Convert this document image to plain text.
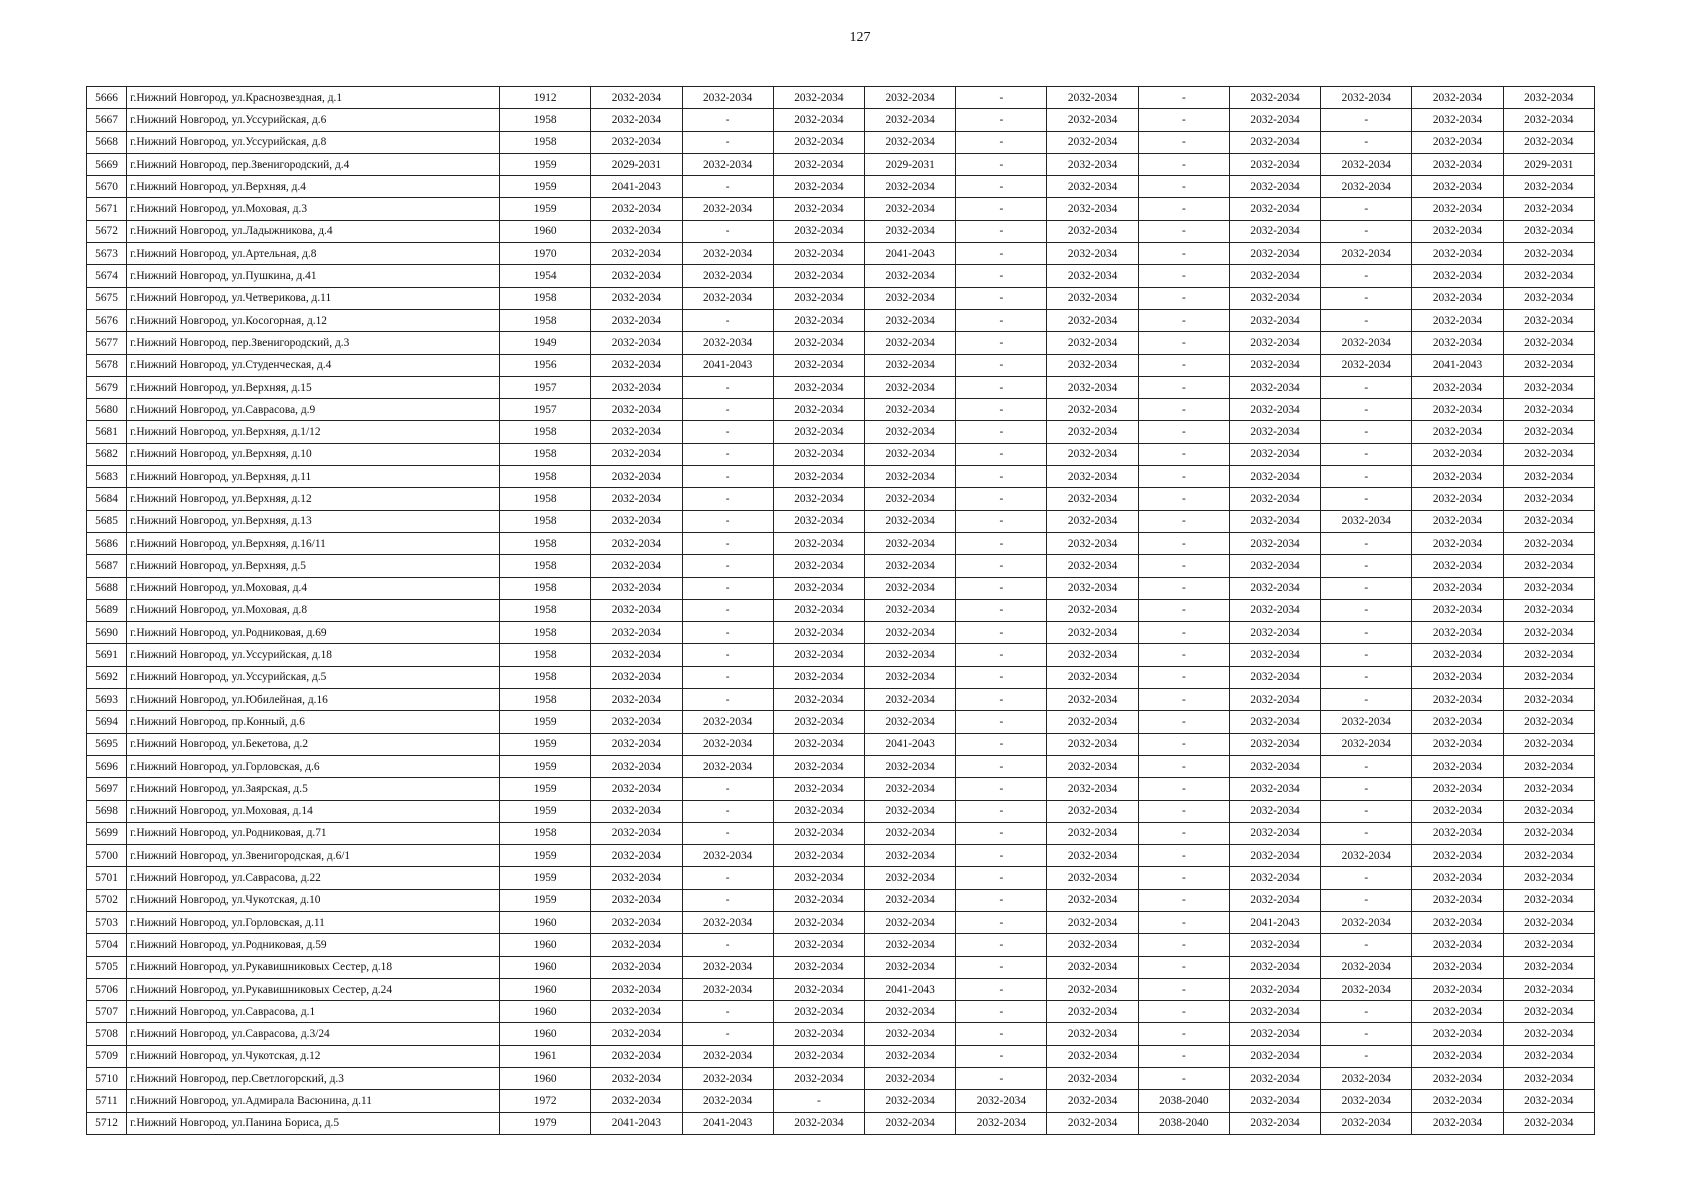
127
5666	г.Нижний Новгород, ул.Краснозвездная, д.1	1912	2032-2034	2032-2034	2032-2034	2032-2034	-	2032-2034	-	2032-2034	2032-2034	2032-2034	2032-2034
5667	г.Нижний Новгород, ул.Уссурийская, д.6	1958	2032-2034	-	2032-2034	2032-2034	-	2032-2034	-	2032-2034	-	2032-2034	2032-2034
5668	г.Нижний Новгород, ул.Уссурийская, д.8	1958	2032-2034	-	2032-2034	2032-2034	-	2032-2034	-	2032-2034	-	2032-2034	2032-2034
5669	г.Нижний Новгород, пер.Звенигородский, д.4	1959	2029-2031	2032-2034	2032-2034	2029-2031	-	2032-2034	-	2032-2034	2032-2034	2032-2034	2029-2031
5670	г.Нижний Новгород, ул.Верхняя, д.4	1959	2041-2043	-	2032-2034	2032-2034	-	2032-2034	-	2032-2034	2032-2034	2032-2034	2032-2034
5671	г.Нижний Новгород, ул.Моховая, д.3	1959	2032-2034	2032-2034	2032-2034	2032-2034	-	2032-2034	-	2032-2034	-	2032-2034	2032-2034
5672	г.Нижний Новгород, ул.Ладыжникова, д.4	1960	2032-2034	-	2032-2034	2032-2034	-	2032-2034	-	2032-2034	-	2032-2034	2032-2034
5673	г.Нижний Новгород, ул.Артельная, д.8	1970	2032-2034	2032-2034	2032-2034	2041-2043	-	2032-2034	-	2032-2034	2032-2034	2032-2034	2032-2034
5674	г.Нижний Новгород, ул.Пушкина, д.41	1954	2032-2034	2032-2034	2032-2034	2032-2034	-	2032-2034	-	2032-2034	-	2032-2034	2032-2034
5675	г.Нижний Новгород, ул.Четверикова, д.11	1958	2032-2034	2032-2034	2032-2034	2032-2034	-	2032-2034	-	2032-2034	-	2032-2034	2032-2034
5676	г.Нижний Новгород, ул.Косогорная, д.12	1958	2032-2034	-	2032-2034	2032-2034	-	2032-2034	-	2032-2034	-	2032-2034	2032-2034
5677	г.Нижний Новгород, пер.Звенигородский, д.3	1949	2032-2034	2032-2034	2032-2034	2032-2034	-	2032-2034	-	2032-2034	2032-2034	2032-2034	2032-2034
5678	г.Нижний Новгород, ул.Студенческая, д.4	1956	2032-2034	2041-2043	2032-2034	2032-2034	-	2032-2034	-	2032-2034	2032-2034	2041-2043	2032-2034
5679	г.Нижний Новгород, ул.Верхняя, д.15	1957	2032-2034	-	2032-2034	2032-2034	-	2032-2034	-	2032-2034	-	2032-2034	2032-2034
5680	г.Нижний Новгород, ул.Саврасова, д.9	1957	2032-2034	-	2032-2034	2032-2034	-	2032-2034	-	2032-2034	-	2032-2034	2032-2034
5681	г.Нижний Новгород, ул.Верхняя, д.1/12	1958	2032-2034	-	2032-2034	2032-2034	-	2032-2034	-	2032-2034	-	2032-2034	2032-2034
5682	г.Нижний Новгород, ул.Верхняя, д.10	1958	2032-2034	-	2032-2034	2032-2034	-	2032-2034	-	2032-2034	-	2032-2034	2032-2034
5683	г.Нижний Новгород, ул.Верхняя, д.11	1958	2032-2034	-	2032-2034	2032-2034	-	2032-2034	-	2032-2034	-	2032-2034	2032-2034
5684	г.Нижний Новгород, ул.Верхняя, д.12	1958	2032-2034	-	2032-2034	2032-2034	-	2032-2034	-	2032-2034	-	2032-2034	2032-2034
5685	г.Нижний Новгород, ул.Верхняя, д.13	1958	2032-2034	-	2032-2034	2032-2034	-	2032-2034	-	2032-2034	2032-2034	2032-2034	2032-2034
5686	г.Нижний Новгород, ул.Верхняя, д.16/11	1958	2032-2034	-	2032-2034	2032-2034	-	2032-2034	-	2032-2034	-	2032-2034	2032-2034
5687	г.Нижний Новгород, ул.Верхняя, д.5	1958	2032-2034	-	2032-2034	2032-2034	-	2032-2034	-	2032-2034	-	2032-2034	2032-2034
5688	г.Нижний Новгород, ул.Моховая, д.4	1958	2032-2034	-	2032-2034	2032-2034	-	2032-2034	-	2032-2034	-	2032-2034	2032-2034
5689	г.Нижний Новгород, ул.Моховая, д.8	1958	2032-2034	-	2032-2034	2032-2034	-	2032-2034	-	2032-2034	-	2032-2034	2032-2034
5690	г.Нижний Новгород, ул.Родниковая, д.69	1958	2032-2034	-	2032-2034	2032-2034	-	2032-2034	-	2032-2034	-	2032-2034	2032-2034
5691	г.Нижний Новгород, ул.Уссурийская, д.18	1958	2032-2034	-	2032-2034	2032-2034	-	2032-2034	-	2032-2034	-	2032-2034	2032-2034
5692	г.Нижний Новгород, ул.Уссурийская, д.5	1958	2032-2034	-	2032-2034	2032-2034	-	2032-2034	-	2032-2034	-	2032-2034	2032-2034
5693	г.Нижний Новгород, ул.Юбилейная, д.16	1958	2032-2034	-	2032-2034	2032-2034	-	2032-2034	-	2032-2034	-	2032-2034	2032-2034
5694	г.Нижний Новгород, пр.Конный, д.6	1959	2032-2034	2032-2034	2032-2034	2032-2034	-	2032-2034	-	2032-2034	2032-2034	2032-2034	2032-2034
5695	г.Нижний Новгород, ул.Бекетова, д.2	1959	2032-2034	2032-2034	2032-2034	2041-2043	-	2032-2034	-	2032-2034	2032-2034	2032-2034	2032-2034
5696	г.Нижний Новгород, ул.Горловская, д.6	1959	2032-2034	2032-2034	2032-2034	2032-2034	-	2032-2034	-	2032-2034	-	2032-2034	2032-2034
5697	г.Нижний Новгород, ул.Заярская, д.5	1959	2032-2034	-	2032-2034	2032-2034	-	2032-2034	-	2032-2034	-	2032-2034	2032-2034
5698	г.Нижний Новгород, ул.Моховая, д.14	1959	2032-2034	-	2032-2034	2032-2034	-	2032-2034	-	2032-2034	-	2032-2034	2032-2034
5699	г.Нижний Новгород, ул.Родниковая, д.71	1958	2032-2034	-	2032-2034	2032-2034	-	2032-2034	-	2032-2034	-	2032-2034	2032-2034
5700	г.Нижний Новгород, ул.Звенигородская, д.6/1	1959	2032-2034	2032-2034	2032-2034	2032-2034	-	2032-2034	-	2032-2034	2032-2034	2032-2034	2032-2034
5701	г.Нижний Новгород, ул.Саврасова, д.22	1959	2032-2034	-	2032-2034	2032-2034	-	2032-2034	-	2032-2034	-	2032-2034	2032-2034
5702	г.Нижний Новгород, ул.Чукотская, д.10	1959	2032-2034	-	2032-2034	2032-2034	-	2032-2034	-	2032-2034	-	2032-2034	2032-2034
5703	г.Нижний Новгород, ул.Горловская, д.11	1960	2032-2034	2032-2034	2032-2034	2032-2034	-	2032-2034	-	2041-2043	2032-2034	2032-2034	2032-2034
5704	г.Нижний Новгород, ул.Родниковая, д.59	1960	2032-2034	-	2032-2034	2032-2034	-	2032-2034	-	2032-2034	-	2032-2034	2032-2034
5705	г.Нижний Новгород, ул.Рукавишниковых Сестер, д.18	1960	2032-2034	2032-2034	2032-2034	2032-2034	-	2032-2034	-	2032-2034	2032-2034	2032-2034	2032-2034
5706	г.Нижний Новгород, ул.Рукавишниковых Сестер, д.24	1960	2032-2034	2032-2034	2032-2034	2041-2043	-	2032-2034	-	2032-2034	2032-2034	2032-2034	2032-2034
5707	г.Нижний Новгород, ул.Саврасова, д.1	1960	2032-2034	-	2032-2034	2032-2034	-	2032-2034	-	2032-2034	-	2032-2034	2032-2034
5708	г.Нижний Новгород, ул.Саврасова, д.3/24	1960	2032-2034	-	2032-2034	2032-2034	-	2032-2034	-	2032-2034	-	2032-2034	2032-2034
5709	г.Нижний Новгород, ул.Чукотская, д.12	1961	2032-2034	2032-2034	2032-2034	2032-2034	-	2032-2034	-	2032-2034	-	2032-2034	2032-2034
5710	г.Нижний Новгород, пер.Светлогорский, д.3	1960	2032-2034	2032-2034	2032-2034	2032-2034	-	2032-2034	-	2032-2034	2032-2034	2032-2034	2032-2034
5711	г.Нижний Новгород, ул.Адмирала Васюнина, д.11	1972	2032-2034	2032-2034	-	2032-2034	2032-2034	2032-2034	2038-2040	2032-2034	2032-2034	2032-2034	2032-2034
5712	г.Нижний Новгород, ул.Панина Бориса, д.5	1979	2041-2043	2041-2043	2032-2034	2032-2034	2032-2034	2032-2034	2038-2040	2032-2034	2032-2034	2032-2034	2032-2034
